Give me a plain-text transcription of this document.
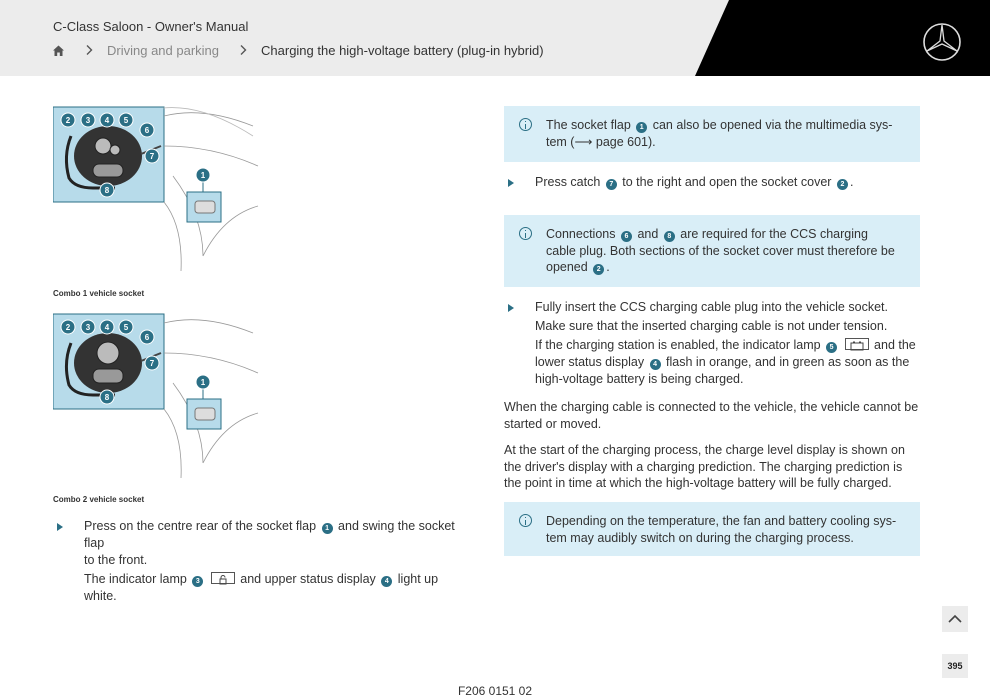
C-Class Saloon - Owner's Manual
Driving and parking	Charging the high-voltage battery (plug-in hybrid)
2 3 4 5
6
7
8
1
Combo 1 vehicle socket
2 3 4 5
6
7
8
1
Combo 2 vehicle socket
Press on the centre rear of the socket flap 1 and swing the socket flap
to the front.
The indicator lamp 3	and upper status display 4 light up white.
The socket flap 1 can also be opened via the multimedia sys-
tem (⟶ page 601).
Press catch 7 to the right and open the socket cover 2 .
Connections 6 and 8 are required for the CCS charging
cable plug. Both sections of the socket cover must therefore be
opened 2 .
Fully insert the CCS charging cable plug into the vehicle socket.
Make sure that the inserted charging cable is not under tension.
If the charging station is enabled, the indicator lamp 5	and the
lower status display 4 flash in orange, and in green as soon as the
high-voltage battery is being charged.
When the charging cable is connected to the vehicle, the vehicle cannot be started or moved.
At the start of the charging process, the charge level display is shown on the driver's display with a charging prediction. The charging prediction is the point in time at which the high-voltage battery will be fully charged.
Depending on the temperature, the fan and battery cooling sys-
tem may audibly switch on during the charging process.
395
F206 0151 02
